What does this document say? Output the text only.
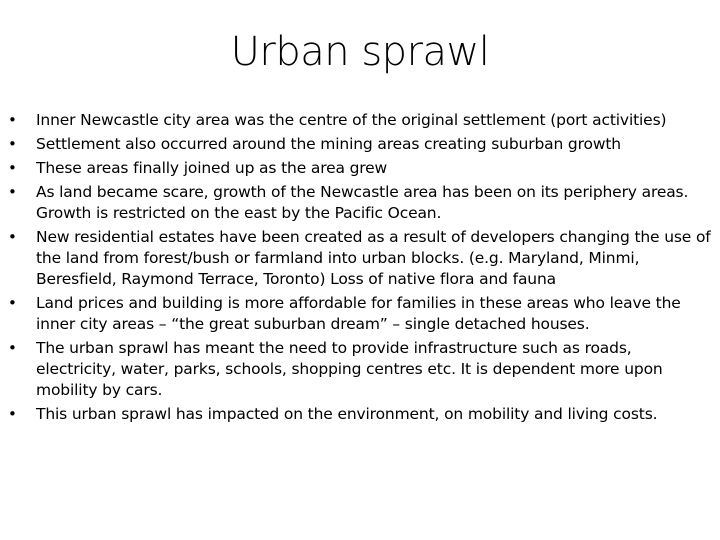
Urban sprawl
• Inner Newcastle city area was the centre of the original settlement (port activities)
• Settlement also occurred around the mining areas creating suburban growth
• These areas finally joined up as the area grew
• As land became scare, growth of the Newcastle area has been on its periphery areas. Growth is restricted on the east by the Pacific Ocean.
• New residential estates have been created as a result of developers changing the use of the land from forest/bush or farmland into urban blocks. (e.g. Maryland, Minmi, Beresfield, Raymond Terrace, Toronto) Loss of native flora and fauna
• Land prices and building is more affordable for families in these areas who leave the inner city areas – “the great suburban dream” – single detached houses.
• The urban sprawl has meant the need to provide infrastructure such as roads, electricity, water, parks, schools, shopping centres etc. It is dependent more upon mobility by cars.
• This urban sprawl has impacted on the environment, on mobility and living costs.
